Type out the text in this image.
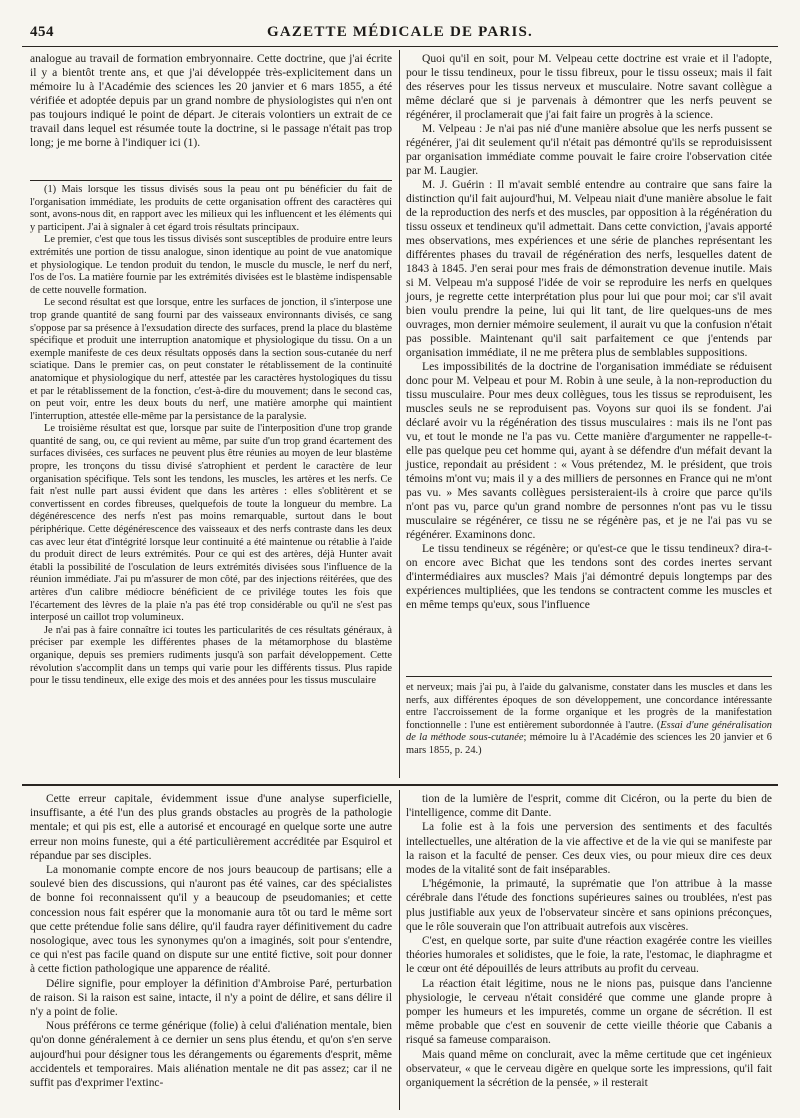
454	GAZETTE MÉDICALE DE PARIS.

analogue au travail de formation embryonnaire. Cette doctrine, que j'ai écrite il y a bientôt trente ans, et que j'ai développée très-explicitement dans un mémoire lu à l'Académie des sciences les 20 janvier et 6 mars 1855, a été vérifiée et adoptée depuis par un grand nombre de physiologistes qui n'en ont pas toujours indiqué le point de départ. Je citerais volontiers un extrait de ce travail dans lequel est résumée toute la doctrine, si le passage n'était pas trop long; je me borne à l'indiquer ici (1).

(1) Mais lorsque les tissus divisés sous la peau ont pu bénéficier du fait de l'organisation immédiate, les produits de cette organisation offrent des caractères qui sont, avons-nous dit, en rapport avec les milieux qui les influencent et les éléments qui y participent. J'ai à signaler à cet égard trois résultats principaux.

Le premier, c'est que tous les tissus divisés sont susceptibles de produire entre leurs extrémités une portion de tissu analogue, sinon identique au point de vue anatomique et physiologique. Le tendon produit du tendon, le muscle du muscle, le nerf du nerf, l'os de l'os. La matière fournie par les extrémités divisées est le blastème indispensable de cette nouvelle formation.

Le second résultat est que lorsque, entre les surfaces de jonction, il s'interpose une trop grande quantité de sang fourni par des vaisseaux environnants divisés, ce sang s'oppose par sa présence à l'exsudation directe des surfaces, prend la place du blastème spécifique et produit une interruption anatomique et physiologique du tissu. On a un exemple manifeste de ces deux résultats opposés dans la section sous-cutanée du nerf sciatique. Dans le premier cas, on peut constater le rétablissement de la continuité anatomique et physiologique du nerf, attestée par les caractères hystologiques du tissu et par le rétablissement de la fonction, c'est-à-dire du mouvement; dans le second cas, on peut voir, entre les deux bouts du nerf, une matière amorphe qui maintient l'interruption, attestée elle-même par la persistance de la paralysie.

Le troisième résultat est que, lorsque par suite de l'interposition d'une trop grande quantité de sang, ou, ce qui revient au même, par suite d'un trop grand écartement des surfaces divisées, ces surfaces ne peuvent plus être réunies au moyen de leur blastème propre, les tronçons du tissu divisé s'atrophient et perdent le caractère de leur organisation spécifique. Tels sont les tendons, les muscles, les artères et les nerfs. Ce fait n'est nulle part aussi évident que dans les artères : elles s'oblitèrent et se convertissent en cordes fibreuses, quelquefois de toute la longueur du membre. La dégénérescence des nerfs n'est pas moins remarquable, surtout dans le bout périphérique. Cette dégénérescence des vaisseaux et des nerfs contraste dans les deux cas avec leur état d'intégrité lorsque leur continuité a été maintenue ou rétablie à l'aide du produit direct de leurs extrémités. Pour ce qui est des artères, déjà Hunter avait établi la possibilité de l'osculation de leurs extrémités divisées sous l'influence de la réunion immédiate. J'ai pu m'assurer de mon côté, par des injections réitérées, que des artères d'un calibre médiocre bénéficient de ce privilége toutes les fois que l'écartement des lèvres de la plaie n'a pas été trop considérable ou qu'il ne s'est pas interposé un caillot trop volumineux.

Je n'ai pas à faire connaître ici toutes les particularités de ces résultats généraux, à préciser par exemple les différentes phases de la métamorphose du blastème organique, depuis ses premiers rudiments jusqu'à son parfait développement. Cette révolution s'accomplit dans un temps qui varie pour les différents tissus. Plus rapide pour le tissu tendineux, elle exige des mois et des années pour les tissus musculaire

Quoi qu'il en soit, pour M. Velpeau cette doctrine est vraie et il l'adopte, pour le tissu tendineux, pour le tissu fibreux, pour le tissu osseux; mais il fait des réserves pour les tissus nerveux et musculaire. Notre savant collègue a même déclaré que si je parvenais à démontrer que les nerfs peuvent se régénérer, il proclamerait que j'ai fait faire un progrès à la science.

M. Velpeau : Je n'ai pas nié d'une manière absolue que les nerfs pussent se régénérer, j'ai dit seulement qu'il n'était pas démontré qu'ils se reproduisissent par organisation immédiate comme pouvait le faire croire l'observation citée par M. Laugier.

M. J. Guérin : Il m'avait semblé entendre au contraire que sans faire la distinction qu'il fait aujourd'hui, M. Velpeau niait d'une manière absolue le fait de la reproduction des nerfs et des muscles, par opposition à la régénération du tissu osseux et tendineux qu'il admettait. Dans cette conviction, j'avais apporté mes observations, mes expériences et une série de planches représentant les différentes phases du travail de régénération des nerfs, lesquelles datent de 1843 à 1845. J'en serai pour mes frais de démonstration devenue inutile. Mais si M. Velpeau m'a supposé l'idée de voir se reproduire les nerfs en quelques jours, je regrette cette interprétation plus pour lui que pour moi; car s'il avait bien voulu prendre la peine, lui qui lit tant, de lire quelques-uns de mes ouvrages, mon dernier mémoire seulement, il aurait vu que la confusion n'était pas possible. Maintenant qu'il sait parfaitement ce que j'entends par organisation immédiate, il ne me prêtera plus de semblables suppositions.

Les impossibilités de la doctrine de l'organisation immédiate se réduisent donc pour M. Velpeau et pour M. Robin à une seule, à la non-reproduction du tissu musculaire. Pour mes deux collègues, tous les tissus se reproduisent, les muscles seuls ne se reproduisent pas. Voyons sur quoi ils se fondent. J'ai déclaré avoir vu la régénération des tissus musculaires : mais ils ne l'ont pas vu, et tout le monde ne l'a pas vu. Cette manière d'argumenter ne rappelle-t-elle pas quelque peu cet homme qui, ayant à se défendre d'un méfait devant la justice, repondait au président : « Vous prétendez, M. le président, que trois témoins m'ont vu; mais il y a des milliers de personnes en France qui ne m'ont pas vu. » Mes savants collègues persisteraient-ils à croire que parce qu'ils n'ont pas vu, parce qu'un grand nombre de personnes n'ont pas vu le tissu musculaire se régénérer, ce tissu ne se régénère pas, et je ne l'ai pas vu se régénérer. Examinons donc.

Le tissu tendineux se régénère; or qu'est-ce que le tissu tendineux? dira-t-on encore avec Bichat que les tendons sont des cordes inertes servant d'intermédiaires aux muscles? Mais j'ai démontré depuis longtemps par des expériences multipliées, que les tendons se contractent comme les muscles et en même temps qu'eux, sous l'influence

et nerveux; mais j'ai pu, à l'aide du galvanisme, constater dans les muscles et dans les nerfs, aux différentes époques de son développement, une concordance intéressante entre l'accroissement de la forme organique et les progrès de la manifestation fonctionnelle : l'une est entièrement subordonnée à l'autre. (Essai d'une généralisation de la méthode sous-cutanée; mémoire lu à l'Académie des sciences les 20 janvier et 6 mars 1855, p. 24.)

Cette erreur capitale, évidemment issue d'une analyse superficielle, insuffisante, a été l'un des plus grands obstacles au progrès de la pathologie mentale; et qui pis est, elle a autorisé et encouragé en quelque sorte une autre erreur non moins funeste, qui a été particulièrement accréditée par Esquirol et répandue par ses disciples.

La monomanie compte encore de nos jours beaucoup de partisans; elle a soulevé bien des discussions, qui n'auront pas été vaines, car des spécialistes de bonne foi reconnaissent qu'il y a beaucoup de pseudomanies; et cette concession nous fait espérer que la monomanie aura tôt ou tard le même sort que cette prétendue folie sans délire, qu'il faudra rayer définitivement du cadre nosologique, avec tous les synonymes qu'on a imaginés, soit pour s'entendre, ce qui n'est pas facile quand on dispute sur une entité fictive, soit pour donner à cette fiction pathologique une apparence de réalité.

Délire signifie, pour employer la définition d'Ambroise Paré, perturbation de raison. Si la raison est saine, intacte, il n'y a point de délire, et sans délire il n'y a point de folie.

Nous préférons ce terme générique (folie) à celui d'aliénation mentale, bien qu'on donne généralement à ce dernier un sens plus étendu, et qu'on s'en serve aujourd'hui pour désigner tous les dérangements ou égarements d'esprit, même accidentels et temporaires. Mais aliénation mentale ne dit pas assez; car il ne suffit pas d'exprimer l'extinc-

tion de la lumière de l'esprit, comme dit Cicéron, ou la perte du bien de l'intelligence, comme dit Dante.

La folie est à la fois une perversion des sentiments et des facultés intellectuelles, une altération de la vie affective et de la vie qui se manifeste par la raison et la faculté de penser. Ces deux vies, ou pour mieux dire ces deux modes de la vitalité sont de fait inséparables.

L'hégémonie, la primauté, la suprématie que l'on attribue à la masse cérébrale dans l'étude des fonctions supérieures saines ou troublées, n'est pas plus justifiable aux yeux de l'observateur sincère et sans opinions préconçues, que le rôle souverain que l'on attribuait autrefois aux viscères.

C'est, en quelque sorte, par suite d'une réaction exagérée contre les vieilles théories humorales et solidistes, que le foie, la rate, l'estomac, le diaphragme et le cœur ont été dépouillés de leurs attributs au profit du cerveau.

La réaction était légitime, nous ne le nions pas, puisque dans l'ancienne physiologie, le cerveau n'était considéré que comme une glande propre à pomper les humeurs et les impuretés, comme un organe de sécrétion. Il est même probable que c'est en souvenir de cette vieille théorie que Cabanis a risqué sa fameuse comparaison.

Mais quand même on conclurait, avec la même certitude que cet ingénieux observateur, « que le cerveau digère en quelque sorte les impressions, qu'il fait organiquement la sécrétion de la pensée, » il resterait
